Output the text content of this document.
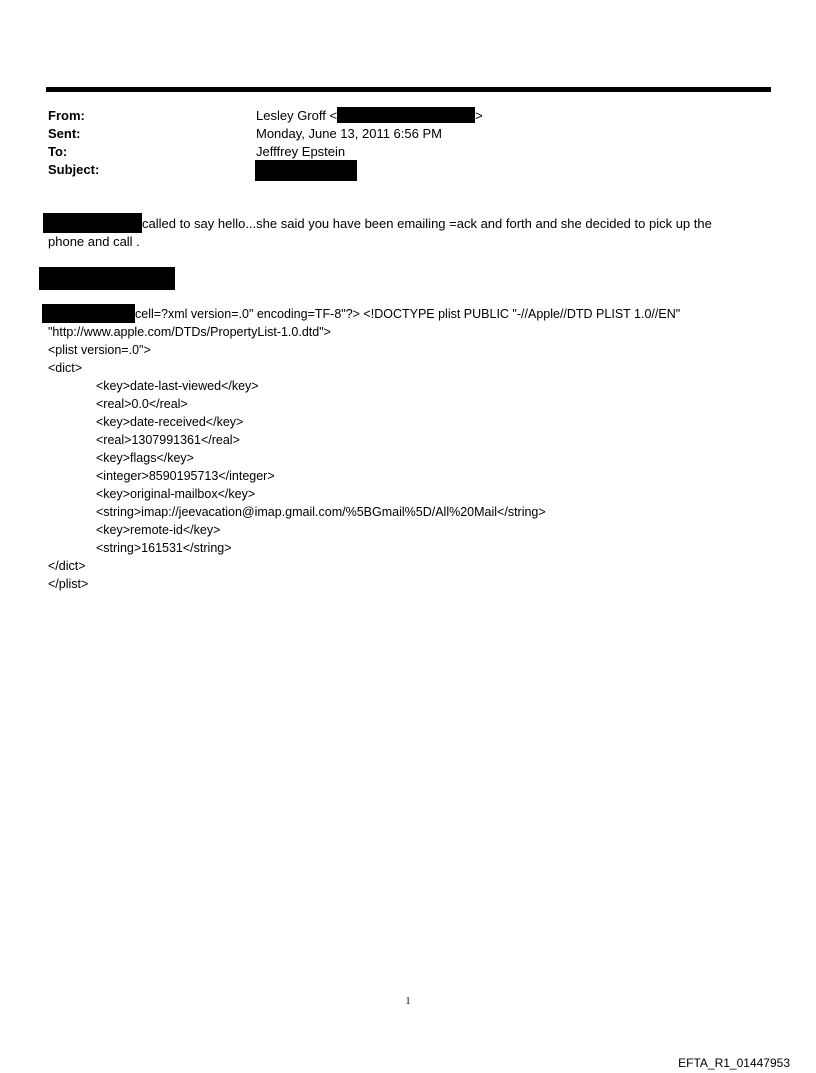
From:
Sent:
To:
Subject:
Lesley Groff <	>
Monday, June 13, 2011 6:56 PM
Jefffrey Epstein
called to say hello...she said you have been emailing =ack and forth and she decided to pick up the
phone and call .
cell=?xml version=.0" encoding=TF-8"?> <!DOCTYPE plist PUBLIC "-//Apple//DTD PLIST 1.0//EN"
"http://www.apple.com/DTDs/PropertyList-1.0.dtd">
<plist version=.0">
<dict>
<key>date-last-viewed</key>
<real>0.0</real>
<key>date-received</key>
<real>1307991361</real>
<key>flags</key>
<integer>8590195713</integer>
<key>original-mailbox</key>
<string>imap://jeevacation@imap.gmail.com/%5BGmail%5D/All%20Mail</string>
<key>remote-id</key>
<string>161531</string>
</dict>
</plist>
1
EFTA_R1_01447953
